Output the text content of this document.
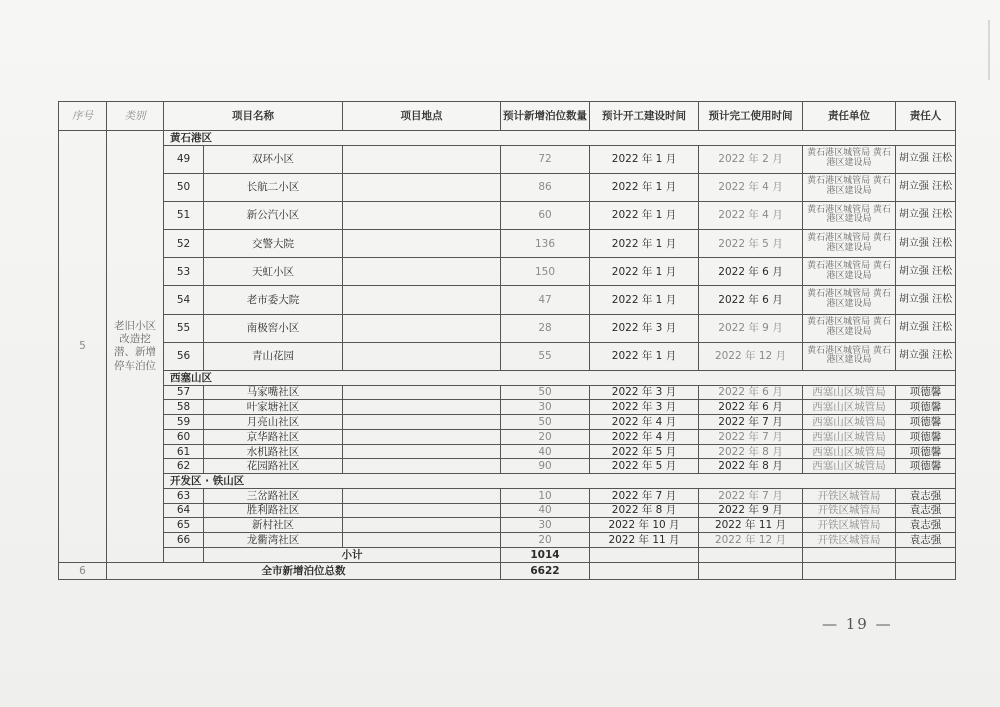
序号	类别	项目名称		项目地点	预计新增泊位数量	预计开工建设时间	预计完工使用时间	责任单位	责任人
5	老旧小区改造挖潜、新增停车泊位	黄石港区							
		49	双环小区		72	2022 年 1 月	2022 年 2 月	黄石港区城管局 黄石港区建设局	胡立强 汪松
		50	长航二小区		86	2022 年 1 月	2022 年 4 月	黄石港区城管局 黄石港区建设局	胡立强 汪松
		51	新公汽小区		60	2022 年 1 月	2022 年 4 月	黄石港区城管局 黄石港区建设局	胡立强 汪松
		52	交警大院		136	2022 年 1 月	2022 年 5 月	黄石港区城管局 黄石港区建设局	胡立强 汪松
		53	天虹小区		150	2022 年 1 月	2022 年 6 月	黄石港区城管局 黄石港区建设局	胡立强 汪松
		54	老市委大院		47	2022 年 1 月	2022 年 6 月	黄石港区城管局 黄石港区建设局	胡立强 汪松
		55	南极窖小区		28	2022 年 3 月	2022 年 9 月	黄石港区城管局 黄石港区建设局	胡立强 汪松
		56	青山花园		55	2022 年 1 月	2022 年 12 月	黄石港区城管局 黄石港区建设局	胡立强 汪松
		西塞山区							
		57	马家嘴社区		50	2022 年 3 月	2022 年 6 月	西塞山区城管局	项德馨
		58	叶家塘社区		30	2022 年 3 月	2022 年 6 月	西塞山区城管局	项德馨
		59	月亮山社区		50	2022 年 4 月	2022 年 7 月	西塞山区城管局	项德馨
		60	京华路社区		20	2022 年 4 月	2022 年 7 月	西塞山区城管局	项德馨
		61	水机路社区		40	2022 年 5 月	2022 年 8 月	西塞山区城管局	项德馨
		62	花园路社区		90	2022 年 5 月	2022 年 8 月	西塞山区城管局	项德馨
		开发区 · 铁山区							
		63	三岔路社区		10	2022 年 7 月	2022 年 7 月	开铁区城管局	袁志强
		64	胜利路社区		40	2022 年 8 月	2022 年 9 月	开铁区城管局	袁志强
		65	新村社区		30	2022 年 10 月	2022 年 11 月	开铁区城管局	袁志强
		66	龙衢湾社区		20	2022 年 11 月	2022 年 12 月	开铁区城管局	袁志强
			小计		1014				
6	全市新增泊位总数				6622				
— 19 —
